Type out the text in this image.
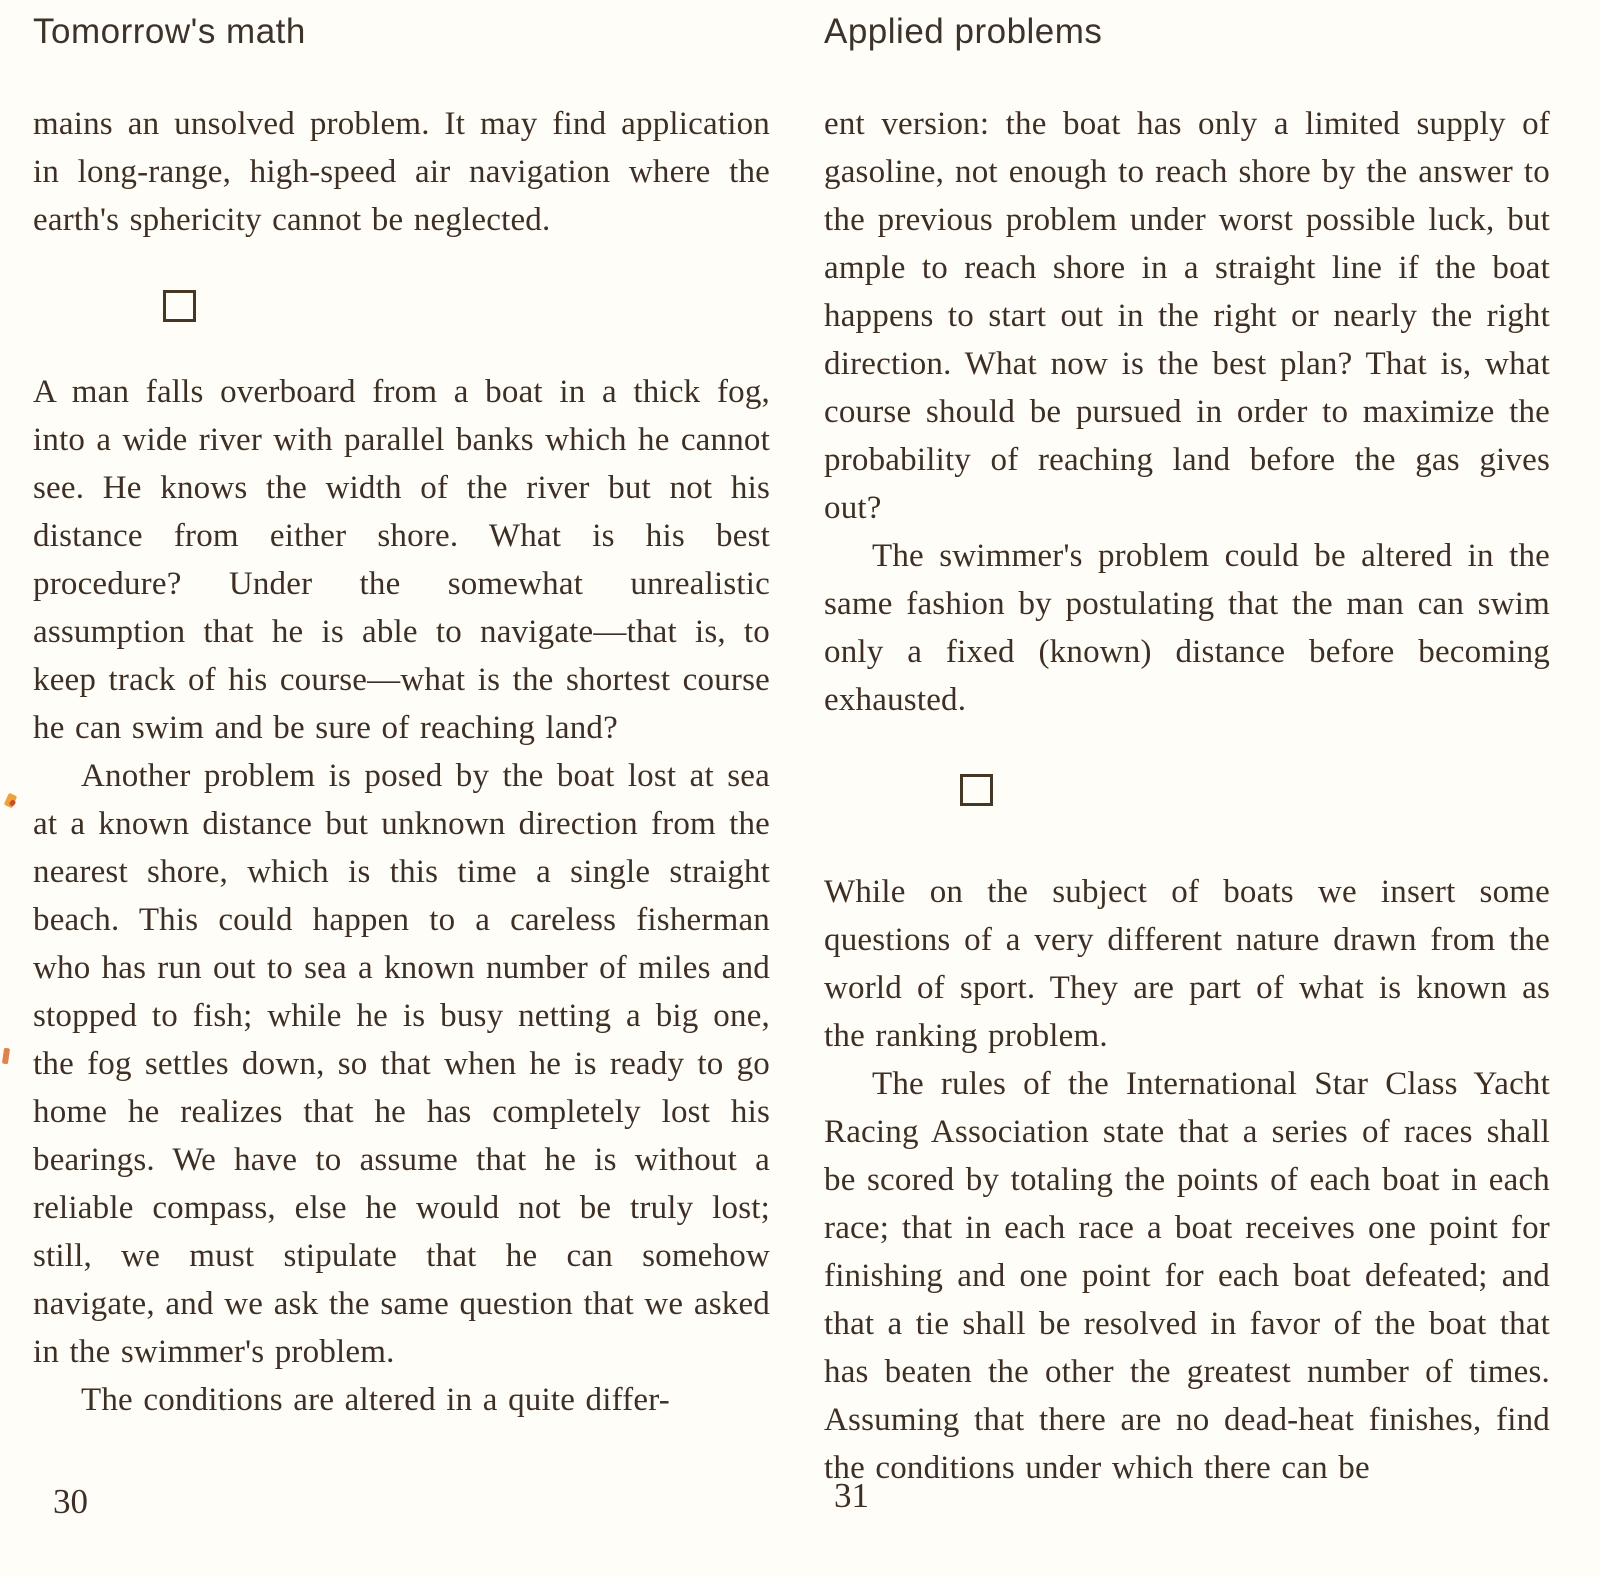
Tomorrow's math

mains an unsolved problem. It may find application in long-range, high-speed air navigation where the earth's sphericity cannot be neglected.

A man falls overboard from a boat in a thick fog, into a wide river with parallel banks which he cannot see. He knows the width of the river but not his distance from either shore. What is his best procedure? Under the somewhat unrealistic assumption that he is able to navigate—that is, to keep track of his course—what is the shortest course he can swim and be sure of reaching land?

Another problem is posed by the boat lost at sea at a known distance but unknown direction from the nearest shore, which is this time a single straight beach. This could happen to a careless fisherman who has run out to sea a known number of miles and stopped to fish; while he is busy netting a big one, the fog settles down, so that when he is ready to go home he realizes that he has completely lost his bearings. We have to assume that he is without a reliable compass, else he would not be truly lost; still, we must stipulate that he can somehow navigate, and we ask the same question that we asked in the swimmer's problem.

The conditions are altered in a quite differ-

30
Applied problems

ent version: the boat has only a limited supply of gasoline, not enough to reach shore by the answer to the previous problem under worst possible luck, but ample to reach shore in a straight line if the boat happens to start out in the right or nearly the right direction. What now is the best plan? That is, what course should be pursued in order to maximize the probability of reaching land before the gas gives out?

The swimmer's problem could be altered in the same fashion by postulating that the man can swim only a fixed (known) distance before becoming exhausted.

While on the subject of boats we insert some questions of a very different nature drawn from the world of sport. They are part of what is known as the ranking problem.

The rules of the International Star Class Yacht Racing Association state that a series of races shall be scored by totaling the points of each boat in each race; that in each race a boat receives one point for finishing and one point for each boat defeated; and that a tie shall be resolved in favor of the boat that has beaten the other the greatest number of times. Assuming that there are no dead-heat finishes, find the conditions under which there can be

31
